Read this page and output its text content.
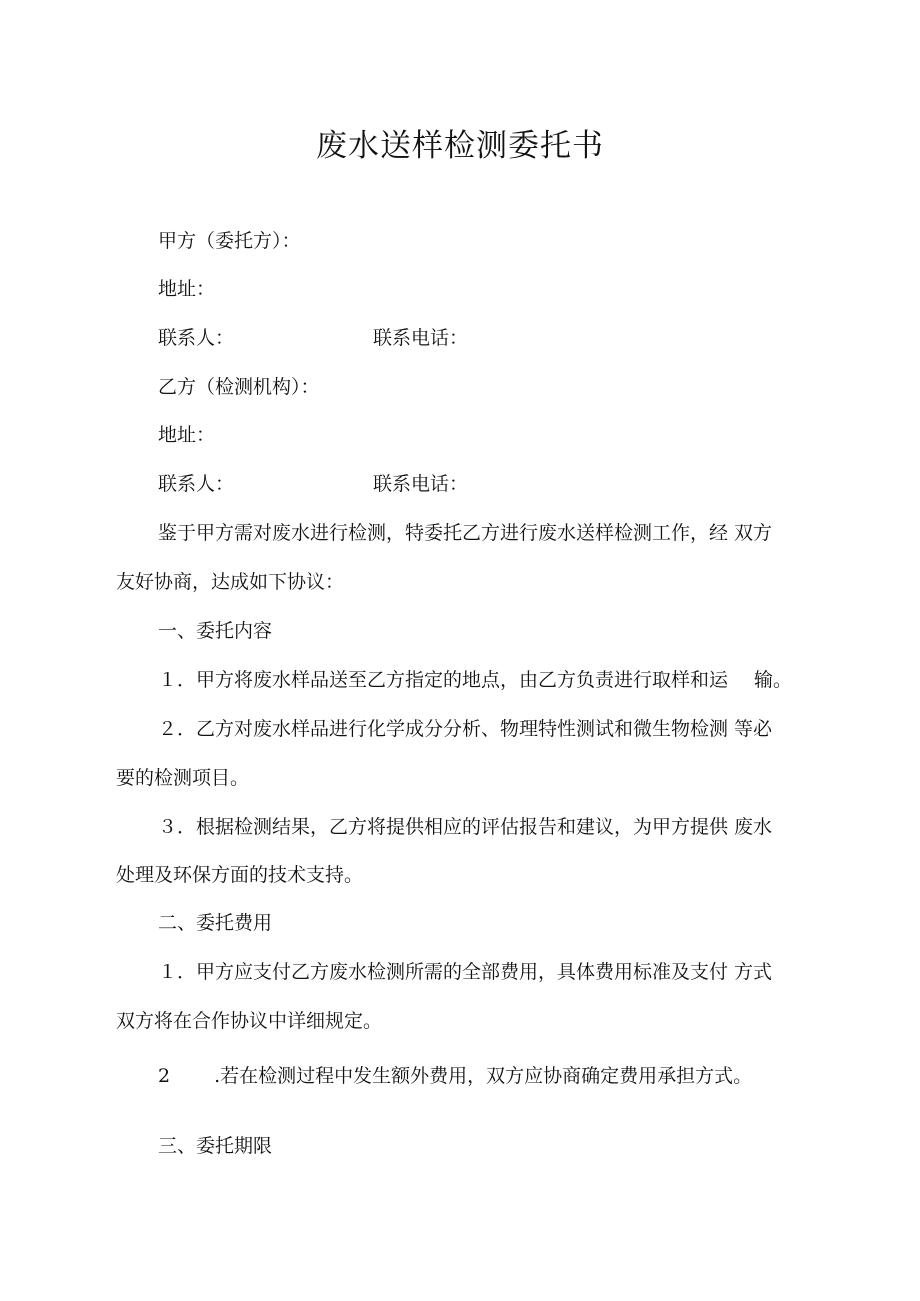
废水送样检测委托书
甲方（委托方）：
地址：
联系人：	联系电话：
乙方（检测机构）：
地址：
联系人：	联系电话：
鉴于甲方需对废水进行检测，特委托乙方进行废水送样检测工作，经 双方
友好协商，达成如下协议：
一、委托内容
１．甲方将废水样品送至乙方指定的地点，由乙方负责进行取样和运 输。
２．乙方对废水样品进行化学成分分析、物理特性测试和微生物检测 等必
要的检测项目。
３．根据检测结果，乙方将提供相应的评估报告和建议，为甲方提供 废水
处理及环保方面的技术支持。
二、委托费用
１．甲方应支付乙方废水检测所需的全部费用，具体费用标准及支付 方式
双方将在合作协议中详细规定。
2 .若在检测过程中发生额外费用，双方应协商确定费用承担方式。
三、委托期限
